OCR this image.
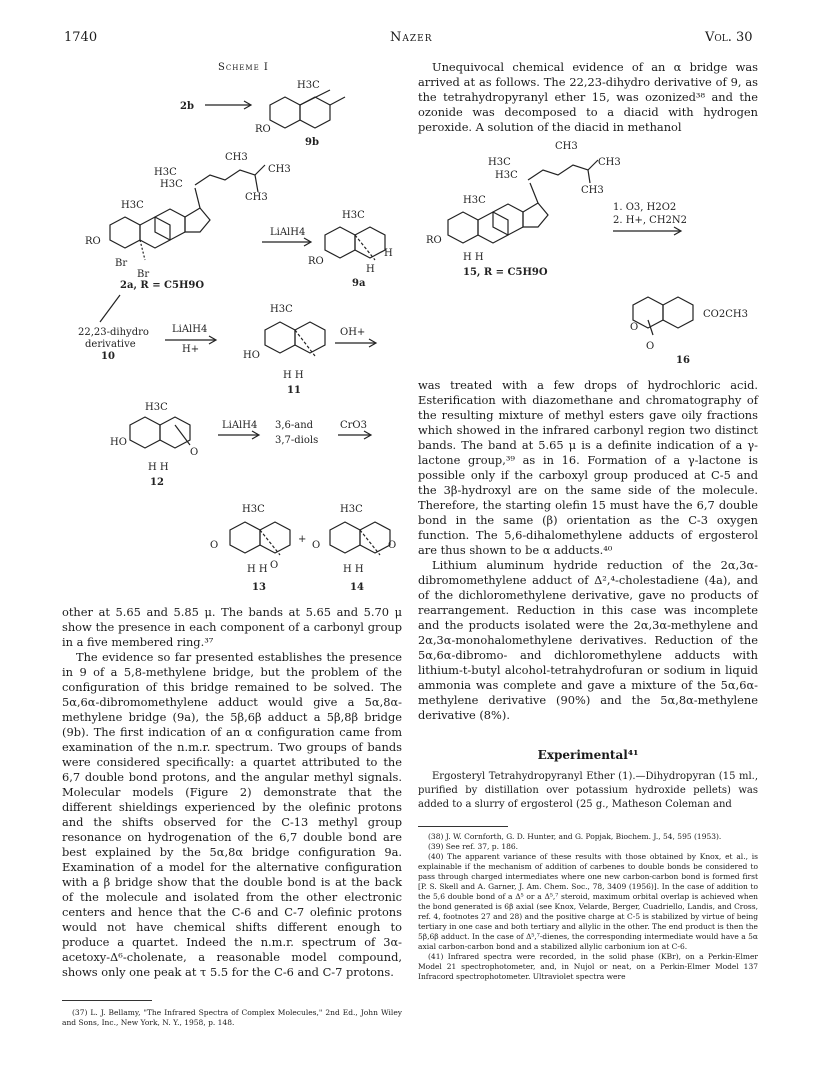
1740	Nazer	Vol. 30
Scheme I
2b
H3C
RO
9b
CH3
H3C
H3C
CH3
CH3
H3C
RO
Br
Br
2a, R = C5H9O
LiAlH4
H3C
RO
H
H
9a
22,23-dihydro
derivative
10
LiAlH4
H+
H3C
HO
H H
11
OH+
H3C
HO
O
H H
12
LiAlH4 3,6-and
3,7-diols
CrO3
H3C
O
O
H H
13
+
H3C
O	O
H H
14

other at 5.65 and 5.85 μ. The bands at 5.65 and 5.70 μ show the presence in each component of a carbonyl group in a five membered ring.³⁷

The evidence so far presented establishes the presence in 9 of a 5,8-methylene bridge, but the problem of the configuration of this bridge remained to be solved. The 5α,6α-dibromomethylene adduct would give a 5α,8α-methylene bridge (9a), the 5β,6β adduct a 5β,8β bridge (9b). The first indication of an α configuration came from examination of the n.m.r. spectrum. Two groups of bands were considered specifically: a quartet attributed to the 6,7 double bond protons, and the angular methyl signals. Molecular models (Figure 2) demonstrate that the different shieldings experienced by the olefinic protons and the shifts observed for the C-13 methyl group resonance on hydrogenation of the 6,7 double bond are best explained by the 5α,8α bridge configuration 9a. Examination of a model for the alternative configuration with a β bridge show that the double bond is at the back of the molecule and isolated from the other electronic centers and hence that the C-6 and C-7 olefinic protons would not have chemical shifts different enough to produce a quartet. Indeed the n.m.r. spectrum of 3α-acetoxy-Δ⁶-cholenate, a reasonable model compound, shows only one peak at τ 5.5 for the C-6 and C-7 protons.

(37) L. J. Bellamy, "The Infrared Spectra of Complex Molecules," 2nd Ed., John Wiley and Sons, Inc., New York, N. Y., 1958, p. 148.

Unequivocal chemical evidence of an α bridge was arrived at as follows. The 22,23-dihydro derivative of 9, as the tetrahydropyranyl ether 15, was ozonized³⁸ and the ozonide was decomposed to a diacid with hydrogen peroxide. A solution of the diacid in methanol

CH3
H3C
H3C
CH3
CH3
H3C
RO
H H
15, R = C5H9O
1. O3, H2O2
2. H+, CH2N2
O
O
CO2CH3
16

was treated with a few drops of hydrochloric acid. Esterification with diazomethane and chromatography of the resulting mixture of methyl esters gave oily fractions which showed in the infrared carbonyl region two distinct bands. The band at 5.65 μ is a definite indication of a γ-lactone group,³⁹ as in 16. Formation of a γ-lactone is possible only if the carboxyl group produced at C-5 and the 3β-hydroxyl are on the same side of the molecule. Therefore, the starting olefin 15 must have the 6,7 double bond in the same (β) orientation as the C-3 oxygen function. The 5,6-dihalomethylene adducts of ergosterol are thus shown to be α adducts.⁴⁰

Lithium aluminum hydride reduction of the 2α,3α-dibromomethylene adduct of Δ²,⁴-cholestadiene (4a), and of the dichloromethylene derivative, gave no products of rearrangement. Reduction in this case was incomplete and the products isolated were the 2α,3α-methylene and 2α,3α-monohalomethylene derivatives. Reduction of the 5α,6α-dibromo- and dichloromethylene adducts with lithium-t-butyl alcohol-tetrahydrofuran or sodium in liquid ammonia was complete and gave a mixture of the 5α,6α-methylene derivative (90%) and the 5α,8α-methylene derivative (8%).

Experimental⁴¹

Ergosteryl Tetrahydropyranyl Ether (1).—Dihydropyran (15 ml., purified by distillation over potassium hydroxide pellets) was added to a slurry of ergosterol (25 g., Matheson Coleman and

(38) J. W. Cornforth, G. D. Hunter, and G. Popjak, Biochem. J., 54, 595 (1953).

(39) See ref. 37, p. 186.

(40) The apparent variance of these results with those obtained by Knox, et al., is explainable if the mechanism of addition of carbenes to double bonds be considered to pass through charged intermediates where one new carbon-carbon bond is formed first [P. S. Skell and A. Garner, J. Am. Chem. Soc., 78, 3409 (1956)]. In the case of addition to the 5,6 double bond of a Δ⁵ or a Δ⁵,⁷ steroid, maximum orbital overlap is achieved when the bond generated is 6β axial (see Knox, Velarde, Berger, Cuadriello, Landis, and Cross, ref. 4, footnotes 27 and 28) and the positive charge at C-5 is stabilized by virtue of being tertiary in one case and both tertiary and allylic in the other. The end product is then the 5β,6β adduct. In the case of Δ⁵,⁷-dienes, the corresponding intermediate would have a 5α axial carbon-carbon bond and a stabilized allylic carbonium ion at C-6.

(41) Infrared spectra were recorded, in the solid phase (KBr), on a Perkin-Elmer Model 21 spectrophotometer, and, in Nujol or neat, on a Perkin-Elmer Model 137 Infracord spectrophotometer. Ultraviolet spectra were
